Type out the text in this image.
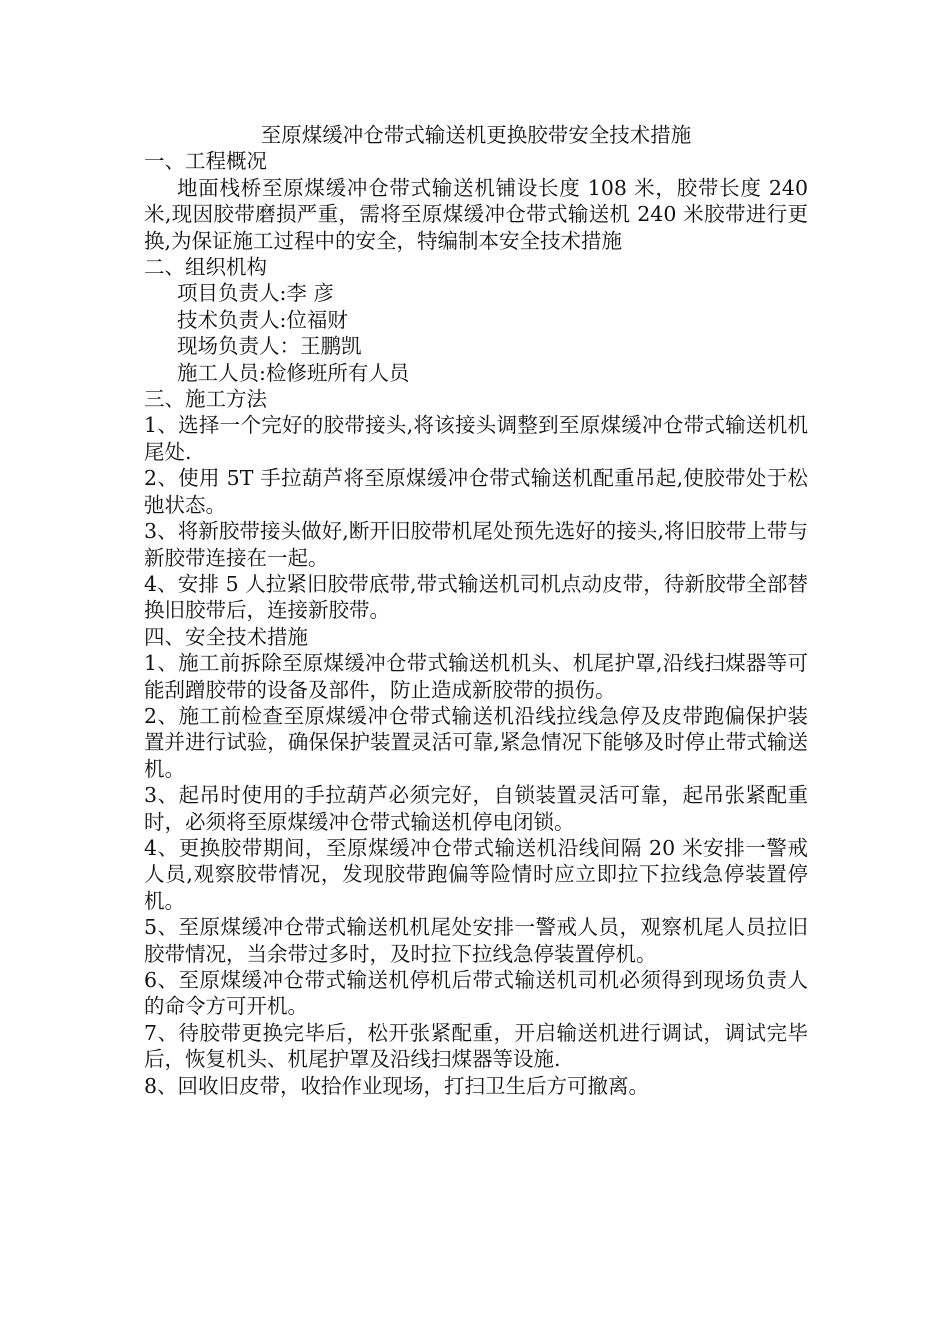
至原煤缓冲仓带式输送机更换胶带安全技术措施

一、工程概况

地面栈桥至原煤缓冲仓带式输送机铺设长度 108 米，胶带长度 240 米,现因胶带磨损严重，需将至原煤缓冲仓带式输送机 240 米胶带进行更换,为保证施工过程中的安全，特编制本安全技术措施

二、组织机构

项目负责人:李 彦

技术负责人:位福财

现场负责人：王鹏凯

施工人员:检修班所有人员

三、施工方法

1、选择一个完好的胶带接头,将该接头调整到至原煤缓冲仓带式输送机机尾处.

2、使用 5T 手拉葫芦将至原煤缓冲仓带式输送机配重吊起,使胶带处于松弛状态。

3、将新胶带接头做好,断开旧胶带机尾处预先选好的接头,将旧胶带上带与新胶带连接在一起。

4、安排 5 人拉紧旧胶带底带,带式输送机司机点动皮带，待新胶带全部替换旧胶带后，连接新胶带。

四、安全技术措施

1、施工前拆除至原煤缓冲仓带式输送机机头、机尾护罩,沿线扫煤器等可能刮蹭胶带的设备及部件，防止造成新胶带的损伤。

2、施工前检查至原煤缓冲仓带式输送机沿线拉线急停及皮带跑偏保护装置并进行试验，确保保护装置灵活可靠,紧急情况下能够及时停止带式输送机。

3、起吊时使用的手拉葫芦必须完好，自锁装置灵活可靠，起吊张紧配重时，必须将至原煤缓冲仓带式输送机停电闭锁。

4、更换胶带期间，至原煤缓冲仓带式输送机沿线间隔 20 米安排一警戒人员,观察胶带情况，发现胶带跑偏等险情时应立即拉下拉线急停装置停机。

5、至原煤缓冲仓带式输送机机尾处安排一警戒人员，观察机尾人员拉旧胶带情况，当余带过多时，及时拉下拉线急停装置停机。

6、至原煤缓冲仓带式输送机停机后带式输送机司机必须得到现场负责人的命令方可开机。

7、待胶带更换完毕后，松开张紧配重，开启输送机进行调试，调试完毕后，恢复机头、机尾护罩及沿线扫煤器等设施.

8、回收旧皮带，收拾作业现场，打扫卫生后方可撤离。
